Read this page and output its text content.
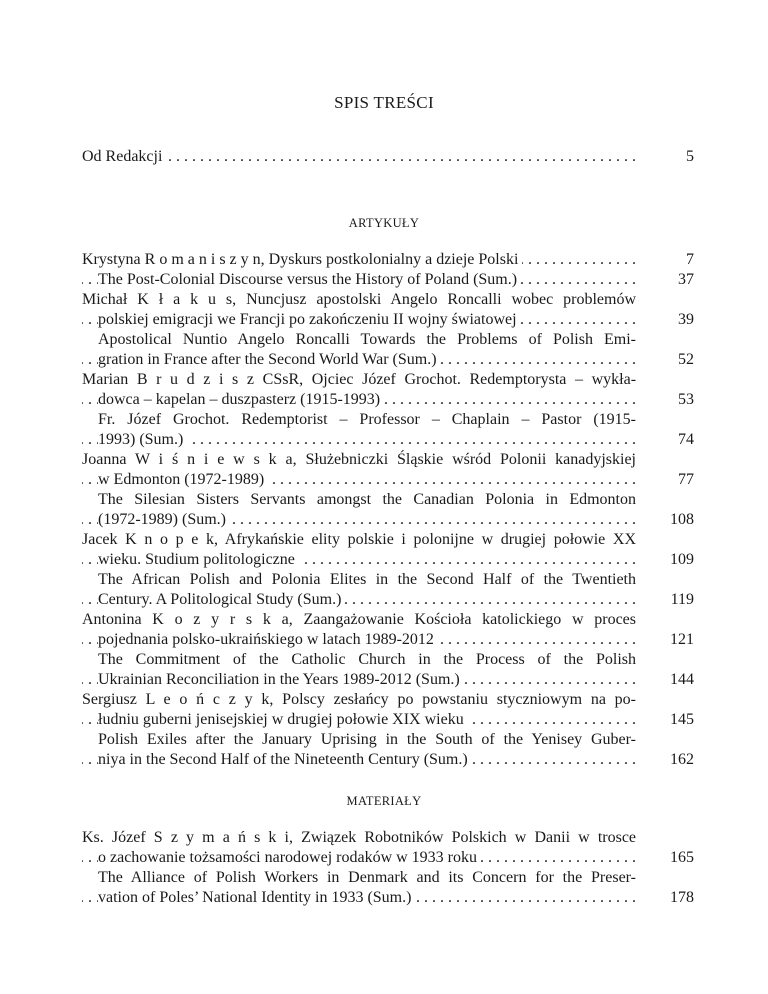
SPIS TREŚCI
. . . Od Redakcji	5
ARTYKUŁY
. . . Krystyna R o m a n i s z y n, Dyskurs postkolonialny a dzieje Polski	7
. . . The Post-Colonial Discourse versus the History of Poland (Sum.)	37
Michał K ł a k u s, Nuncjusz apostolski Angelo Roncalli wobec problemów
. . . polskiej emigracji we Francji po zakończeniu II wojny światowej	39
Apostolical Nuntio Angelo Roncalli Towards the Problems of Polish Emi-
. . . gration in France after the Second World War (Sum.)	52
Marian B r u d z i s z CSsR, Ojciec Józef Grochot. Redemptorysta – wykła-
. . . dowca – kapelan – duszpasterz (1915-1993)	53
Fr. Józef Grochot. Redemptorist – Professor – Chaplain – Pastor (1915-
. . . 1993) (Sum.)	74
Joanna W i ś n i e w s k a, Służebniczki Śląskie wśród Polonii kanadyjskiej
. . . w Edmonton (1972-1989)	77
The Silesian Sisters Servants amongst the Canadian Polonia in Edmonton
. . . (1972-1989) (Sum.)	108
Jacek K n o p e k, Afrykańskie elity polskie i polonijne w drugiej połowie XX
. . . wieku. Studium politologiczne	109
The African Polish and Polonia Elites in the Second Half of the Twentieth
. . . Century. A Politological Study (Sum.)	119
Antonina K o z y r s k a, Zaangażowanie Kościoła katolickiego w proces
. . . pojednania polsko-ukraińskiego w latach 1989-2012	121
The Commitment of the Catholic Church in the Process of the Polish
. . . Ukrainian Reconciliation in the Years 1989-2012 (Sum.)	144
Sergiusz L e o ń c z y k, Polscy zesłańcy po powstaniu styczniowym na po-
. . . łudniu guberni jenisejskiej w drugiej połowie XIX wieku	145
Polish Exiles after the January Uprising in the South of the Yenisey Guber-
. . . niya in the Second Half of the Nineteenth Century (Sum.)	162
MATERIAŁY
Ks. Józef S z y m a ń s k i, Związek Robotników Polskich w Danii w trosce
. . . o zachowanie tożsamości narodowej rodaków w 1933 roku	165
The Alliance of Polish Workers in Denmark and its Concern for the Preser-
. . . vation of Poles’ National Identity in 1933 (Sum.)	178
